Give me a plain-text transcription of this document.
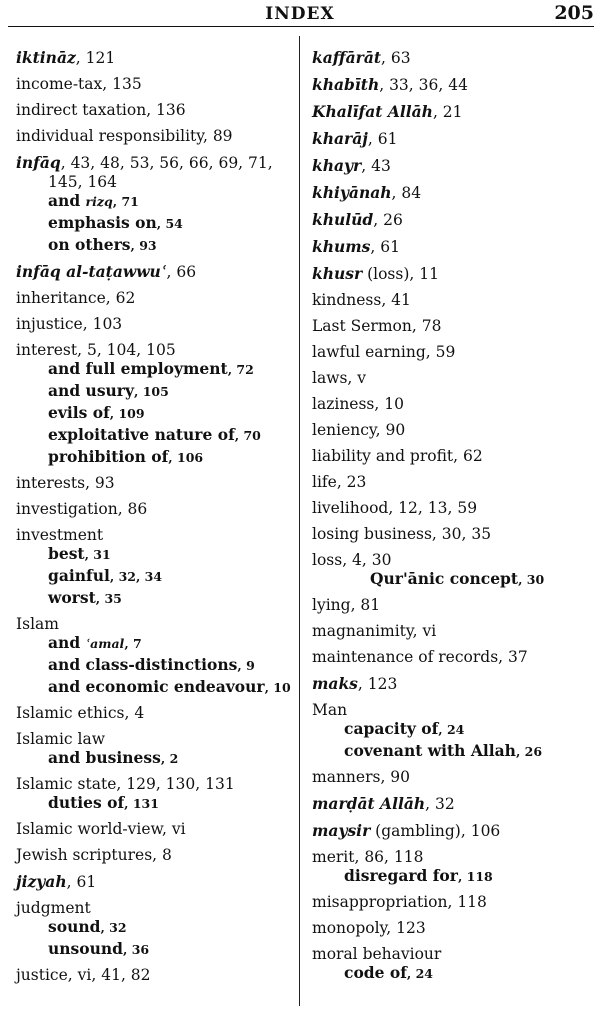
INDEX	205
iktināz, 121
income-tax, 135
indirect taxation, 136
individual responsibility, 89
infāq, 43, 48, 53, 56, 66, 69, 71,
145, 164
and rizq, 71
emphasis on, 54
on others, 93
infāq al-taṭawwuʿ, 66
inheritance, 62
injustice, 103
interest, 5, 104, 105
and full employment, 72
and usury, 105
evils of, 109
exploitative nature of, 70
prohibition of, 106
interests, 93
investigation, 86
investment
best, 31
gainful, 32, 34
worst, 35
Islam
and ʿamal, 7
and class-distinctions, 9
and economic endeavour, 10
Islamic ethics, 4
Islamic law
and business, 2
Islamic state, 129, 130, 131
duties of, 131
Islamic world-view, vi
Jewish scriptures, 8
jizyah, 61
judgment
sound, 32
unsound, 36
justice, vi, 41, 82
kaffārāt, 63
khabīth, 33, 36, 44
Khalīfat Allāh, 21
kharāj, 61
khayr, 43
khiyānah, 84
khulūd, 26
khums, 61
khusr (loss), 11
kindness, 41
Last Sermon, 78
lawful earning, 59
laws, v
laziness, 10
leniency, 90
liability and profit, 62
life, 23
livelihood, 12, 13, 59
losing business, 30, 35
loss, 4, 30
Qur'ānic concept, 30
lying, 81
magnanimity, vi
maintenance of records, 37
maks, 123
Man
capacity of, 24
covenant with Allah, 26
manners, 90
marḍāt Allāh, 32
maysir (gambling), 106
merit, 86, 118
disregard for, 118
misappropriation, 118
monopoly, 123
moral behaviour
code of, 24
